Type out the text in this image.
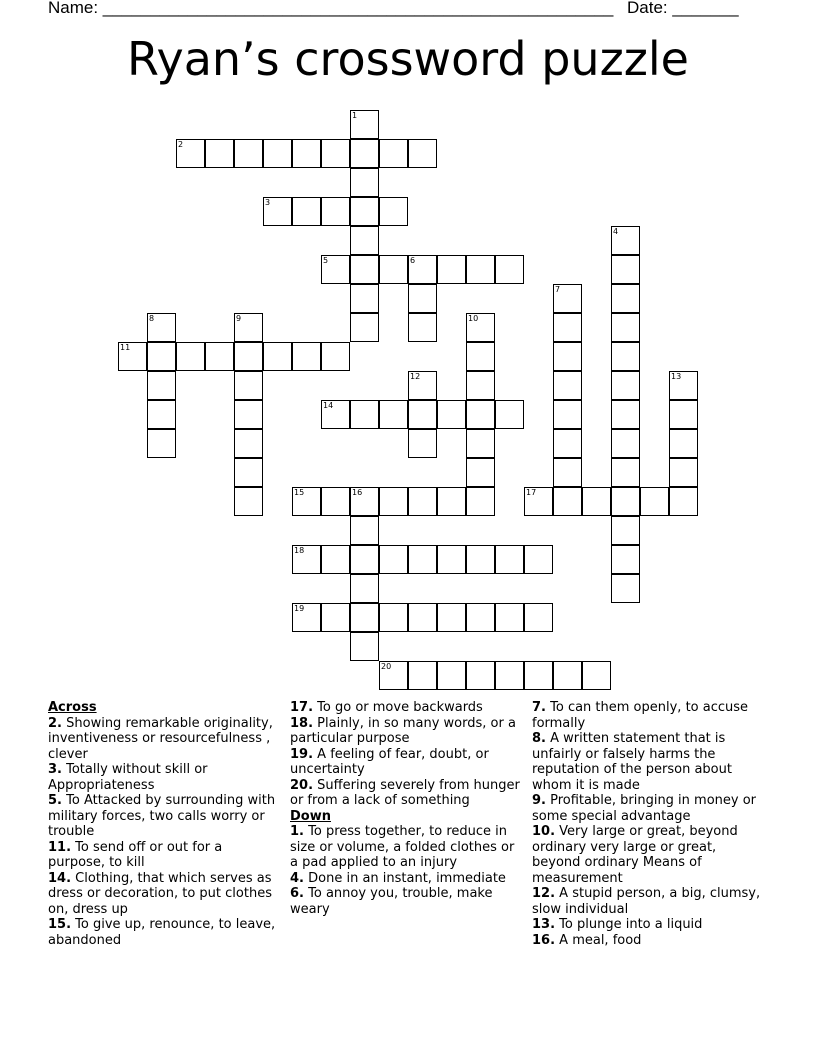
Name: ______________________________________________________ Date: _______
Ryan’s crossword puzzle
1
2
3
4
5	6
7
8	9	10
11
12	13
14
15	16	17
18
19
20
Across
2. Showing remarkable originality, inventiveness or resourcefulness , clever
3. Totally without skill or Appropriateness
5. To Attacked by surrounding with military forces, two calls worry or trouble
11. To send off or out for a purpose, to kill
14. Clothing, that which serves as dress or decoration, to put clothes on, dress up
15. To give up, renounce, to leave, abandoned
17. To go or move backwards
18. Plainly, in so many words, or a particular purpose
19. A feeling of fear, doubt, or uncertainty
20. Suffering severely from hunger or from a lack of something
Down
1. To press together, to reduce in size or volume, a folded clothes or a pad applied to an injury
4. Done in an instant, immediate
6. To annoy you, trouble, make weary
7. To can them openly, to accuse formally
8. A written statement that is unfairly or falsely harms the reputation of the person about whom it is made
9. Profitable, bringing in money or some special advantage
10. Very large or great, beyond ordinary very large or great, beyond ordinary Means of measurement
12. A stupid person, a big, clumsy, slow individual
13. To plunge into a liquid
16. A meal, food
